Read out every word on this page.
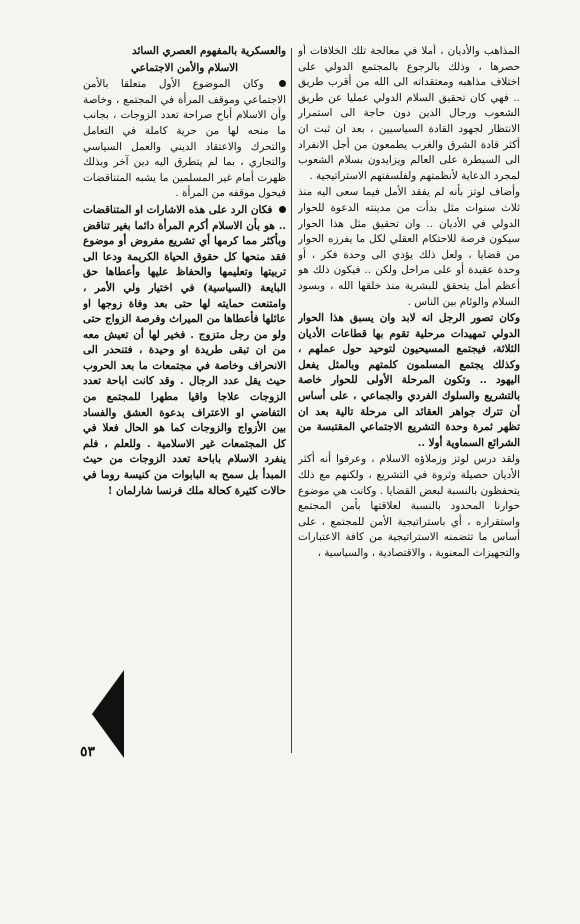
المذاهب والأديان ، أملا في معالجة تلك الخلافات أو حصرها ، وذلك بالرجوع بالمجتمع الدولي على اختلاف مذاهبه ومعتقداته الى الله من أقرب طريق .. فهي كان تحقيق السلام الدولي عمليا عن طريق الشعوب ورجال الدين دون حاجة الى استمرار الانتظار لجهود القادة السياسيين ، بعد ان ثبت ان أكثر قادة الشرق والغرب يطمعون من أجل الانفراد الى السيطرة على العالم ويزايدون بسلام الشعوب لمجرد الدعاية لأنظمتهم ولفلسفتهم الاستراتيجية .

وأضاف لوتز بأنه لم يفقد الأمل فيما سعى اليه منذ ثلاث سنوات مثل بدأت من مدينته الدعوة للحوار الدولي في الأديان .. وان تحقيق مثل هذا الحوار سيكون فرصة للاحتكام العقلي لكل ما يفرزه الحوار من قضايا ، ولعل ذلك يؤدي الى وحدة فكر ، أو وحدة عقيدة أو على مراحل ولكن .. فيكون ذلك هو أعظم أمل يتحقق للبشرية منذ خلقها الله ، وبسود السلام والوئام بين الناس .

وكان تصور الرجل انه لابد وان يسبق هذا الحوار الدولي تمهيدات مرحلية تقوم بها قطاعات الأديان الثلاثة، فيجتمع المسيحيون لتوحيد حول عملهم ، وكذلك يجتمع المسلمون كلمتهم وبالمثل يفعل اليهود .. وتكون المرحلة الأولى للحوار خاصة بالتشريع والسلوك الفردي والجماعي ، على أساس أن تترك جواهر العقائد الى مرحلة تالية بعد ان تظهر ثمرة وحدة التشريع الاجتماعي المقتبسة من الشرائع السماوية أولا ..

ولقد درس لوتز وزملاؤه الاسلام ، وعرفوا أنه أكثر الأديان حصيلة وثروة في التشريع ، ولكنهم مع ذلك يتحفظون بالنسبة لبعض القضايا . وكانت هي موضوع حوارنا المحدود بالنسبة لعلاقتها بأمن المجتمع واستقراره ، أي باستراتيجية الأمن للمجتمع ، على أساس ما تتضمنه الاستراتيجية من كافة الاعتبارات والتجهيزات المعنوية ، والاقتصادية ، والسياسية ،

والعسكرية بالمفهوم العصري السائد

الاسلام والأمن الاجتماعي

وكان الموضوع الأول متعلقا بالأمن الاجتماعي وموقف المرأة في المجتمع ، وخاصة وأن الاسلام أباح صراحة تعدد الزوجات ، بجانب ما منحه لها من حرية كاملة في التعامل والتحرك والاعتقاد الديني والعمل السياسي والتجاري ، بما لم يتطرق اليه دين آخر وبذلك ظهرت أمام غير المسلمين ما يشبه المتناقضات فيحول موقفه من المرأة .

فكان الرد على هذه الاشارات او المتناقضات .. هو بأن الاسلام أكرم المرأة دائما بغير تناقض وبأكثر مما كرمها أي تشريع مفروض أو موضوع فقد منحها كل حقوق الحياة الكريمة ودعا الى تربيتها وتعليمها والحفاظ عليها وأعطاها حق البايعة (السياسية) في اختيار ولي الأمر ، وامتنعت حمايته لها حتى بعد وفاة زوجها او عائلها فأعطاها من الميراث وفرصة الزواج حتى ولو من رجل متزوج . فخير لها أن تعيش معه من ان تبقى طريدة او وحيدة ، فتنحدر الى الانحراف وخاصة في مجتمعات ما بعد الحروب حيث يقل عدد الرجال . وقد كانت اباحة تعدد الزوجات علاجا واقيا مطهرا للمجتمع من التفاضي او الاعتراف بدعوة العشق والفساد بين الأزواج والزوجات كما هو الحال فعلا في كل المجتمعات غير الاسلامية . وللعلم ، فلم ينفرد الاسلام باباحة تعدد الزوجات من حيث المبدأ بل سمح به البابوات من كنيسة روما في حالات كثيرة كحالة ملك فرنسا شارلمان !

٥٣
